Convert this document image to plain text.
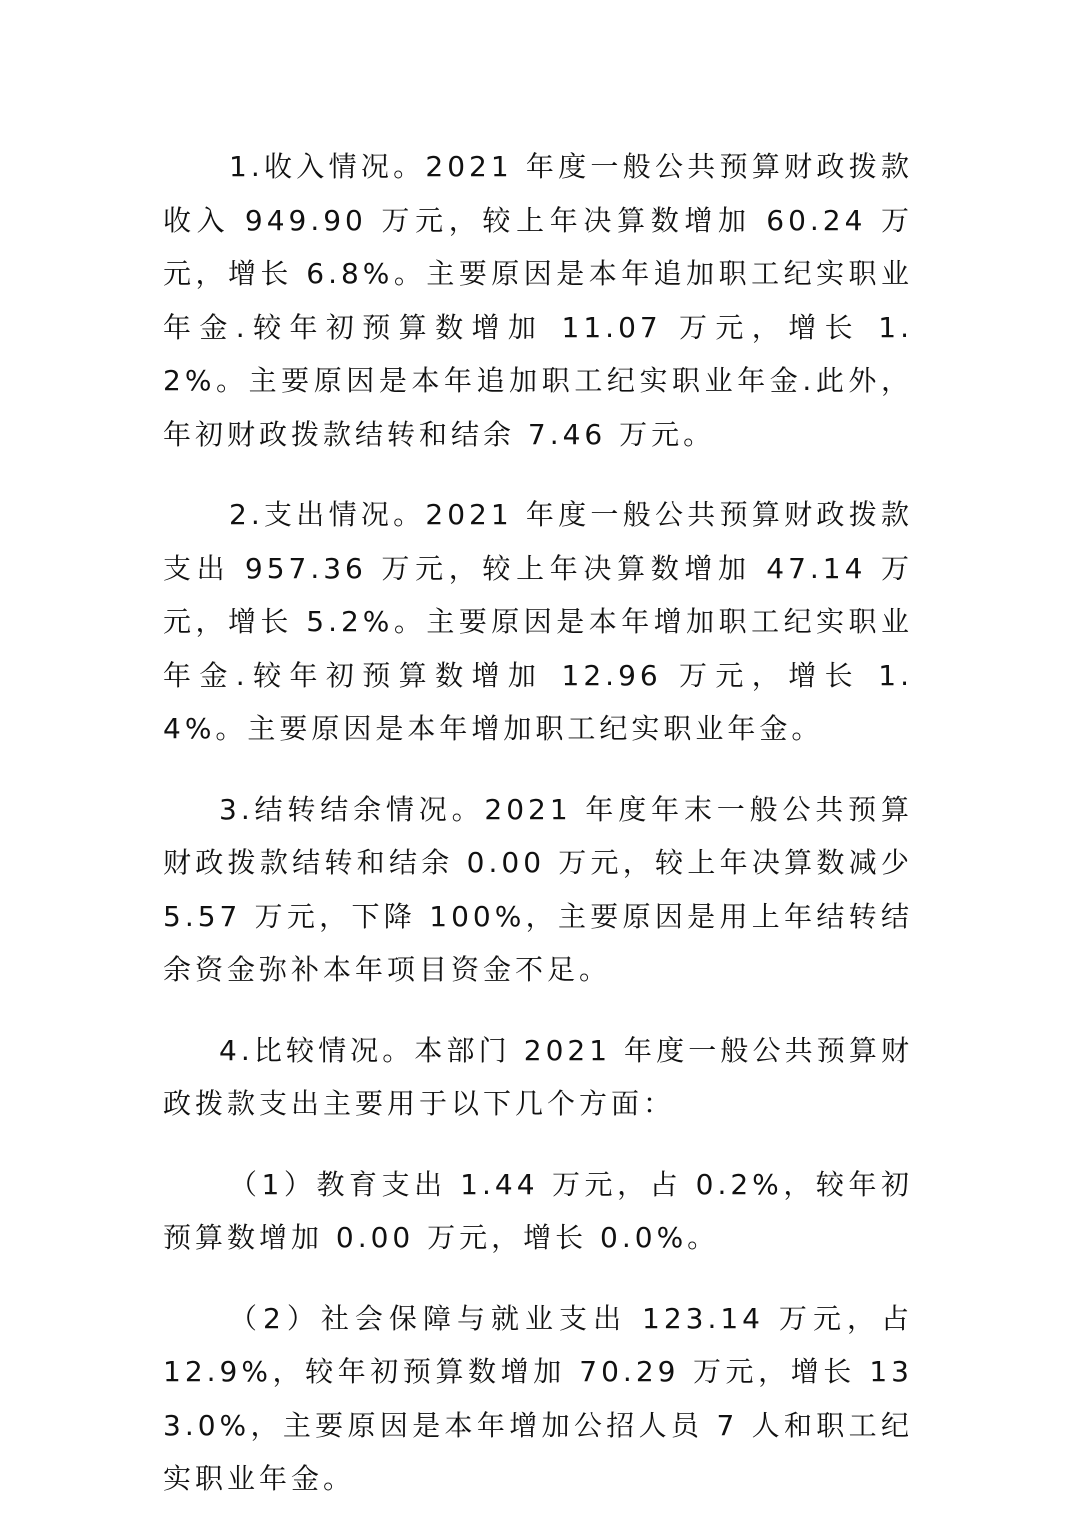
1.收入情况。2021 年度一般公共预算财政拨款收入 949.90 万元，较上年决算数增加 60.24 万元，增长 6.8%。主要原因是本年追加职工纪实职业年金.较年初预算数增加 11.07 万元，增长 1.2%。主要原因是本年追加职工纪实职业年金.此外，年初财政拨款结转和结余 7.46 万元。

2.支出情况。2021 年度一般公共预算财政拨款支出 957.36 万元，较上年决算数增加 47.14 万元，增长 5.2%。主要原因是本年增加职工纪实职业年金.较年初预算数增加 12.96 万元，增长 1.4%。主要原因是本年增加职工纪实职业年金。

3.结转结余情况。2021 年度年末一般公共预算财政拨款结转和结余 0.00 万元，较上年决算数减少 5.57 万元，下降 100%，主要原因是用上年结转结余资金弥补本年项目资金不足。

4.比较情况。本部门 2021 年度一般公共预算财政拨款支出主要用于以下几个方面：

（1）教育支出 1.44 万元，占 0.2%，较年初预算数增加 0.00 万元，增长 0.0%。

（2）社会保障与就业支出 123.14 万元，占 12.9%，较年初预算数增加 70.29 万元，增长 133.0%，主要原因是本年增加公招人员 7 人和职工纪实职业年金。
